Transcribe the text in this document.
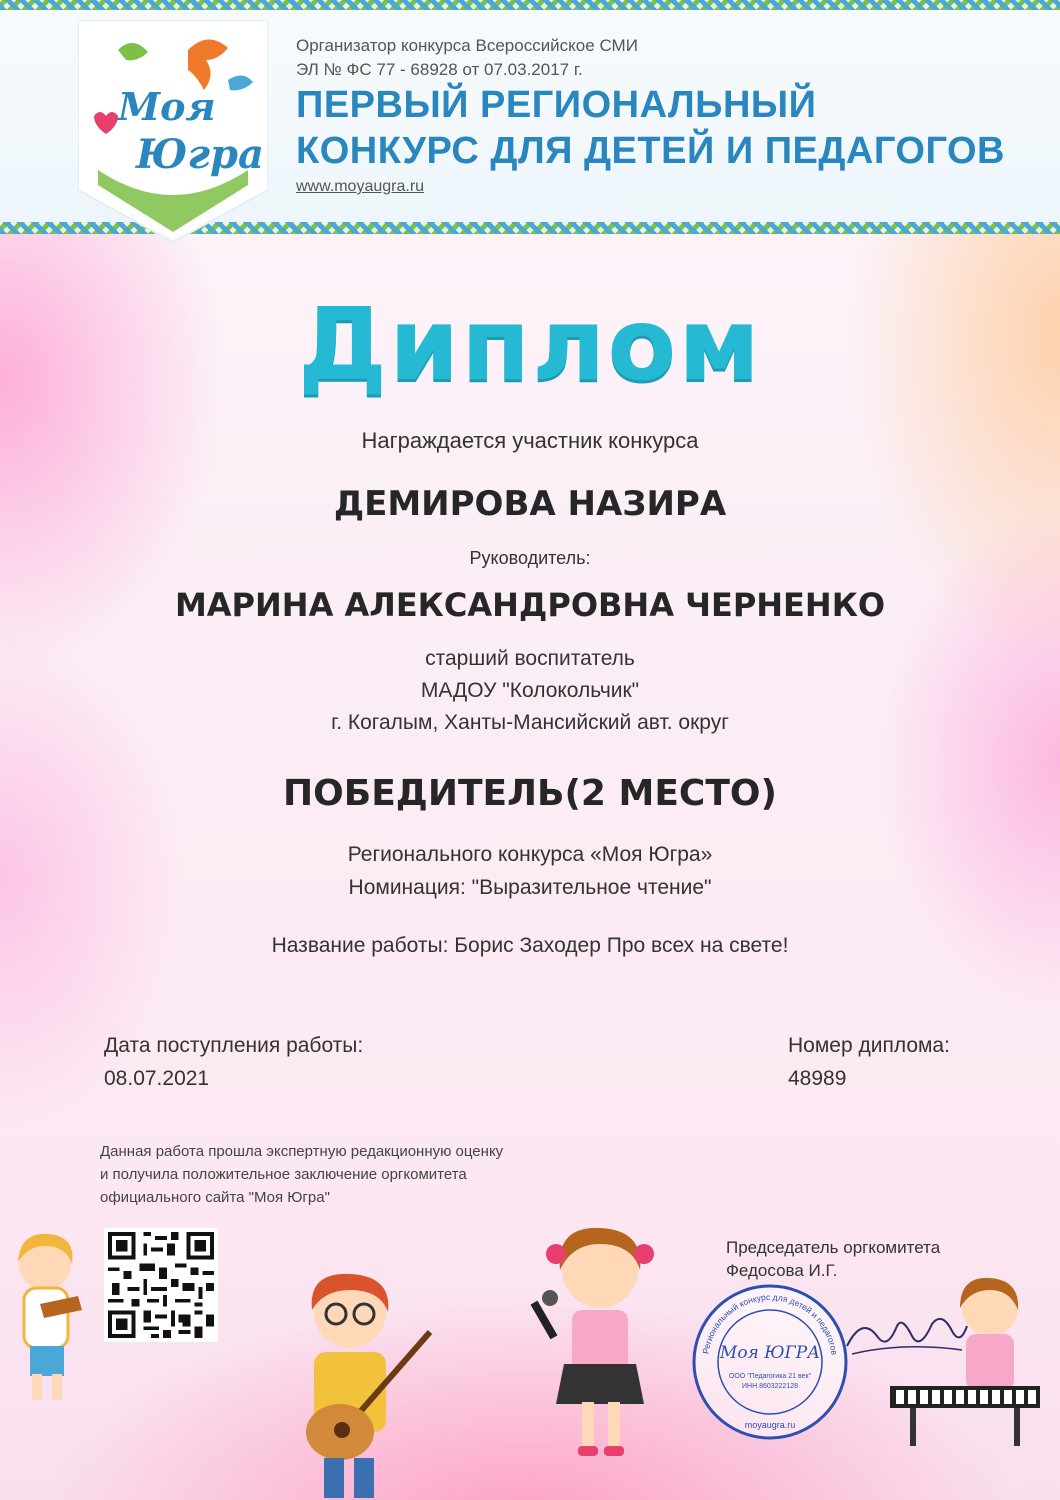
Организатор конкурса Всероссийское СМИ
ЭЛ № ФС 77 - 68928 от 07.03.2017 г.
ПЕРВЫЙ РЕГИОНАЛЬНЫЙ
КОНКУРС ДЛЯ ДЕТЕЙ И ПЕДАГОГОВ
www.moyaugra.ru
Моя
Югра
Диплом
Награждается участник конкурса
ДЕМИРОВА НАЗИРА
Руководитель:
МАРИНА АЛЕКСАНДРОВНА ЧЕРНЕНКО
старший воспитатель
МАДОУ "Колокольчик"
г. Когалым, Ханты-Мансийский авт. округ
ПОБЕДИТЕЛЬ(2 МЕСТО)
Регионального конкурса «Моя Югра»
Номинация: "Выразительное чтение"
Название работы: Борис Заходер Про всех на свете!
Дата поступления работы:
08.07.2021
Номер диплома:
48989
Данная работа прошла экспертную редакционную оценку
и получила положительное заключение оргкомитета
официального сайта "Моя Югра"
Председатель оргкомитета
Федосова И.Г.
Региональный конкурс для детей и педагогов
Моя ЮГРА
ООО "Педагогика 21 век"
ИНН 8603222128
moyaugra.ru
